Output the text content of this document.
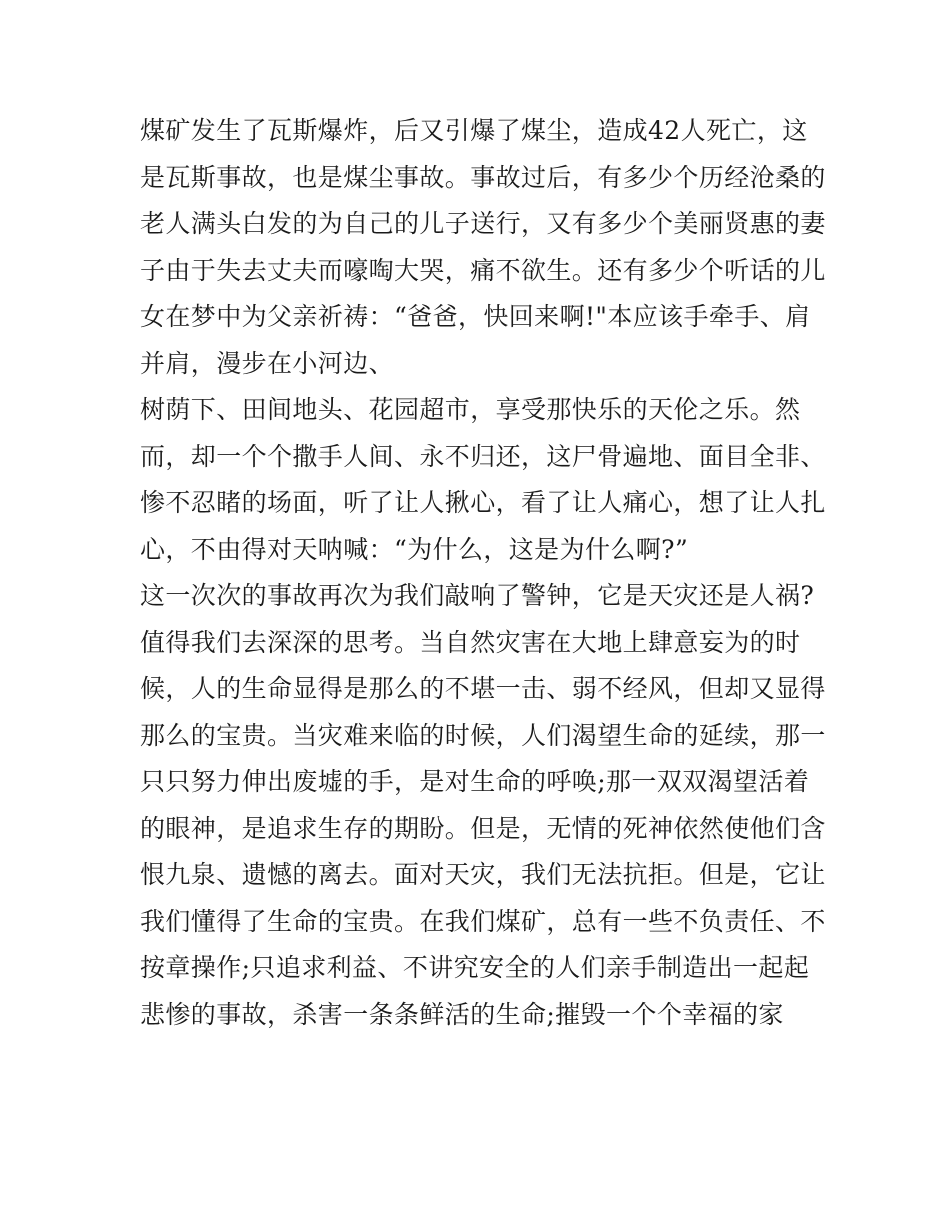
煤矿发生了瓦斯爆炸，后又引爆了煤尘，造成42人死亡，这
是瓦斯事故，也是煤尘事故。事故过后，有多少个历经沧桑的
老人满头白发的为自己的儿子送行，又有多少个美丽贤惠的妻
子由于失去丈夫而嚎啕大哭，痛不欲生。还有多少个听话的儿
女在梦中为父亲祈祷：“爸爸，快回来啊!"本应该手牵手、肩
并肩，漫步在小河边、
树荫下、田间地头、花园超市，享受那快乐的天伦之乐。然
而，却一个个撒手人间、永不归还，这尸骨遍地、面目全非、
惨不忍睹的场面，听了让人揪心，看了让人痛心，想了让人扎
心，不由得对天呐喊：“为什么，这是为什么啊?”
这一次次的事故再次为我们敲响了警钟，它是天灾还是人祸?
值得我们去深深的思考。当自然灾害在大地上肆意妄为的时
候，人的生命显得是那么的不堪一击、弱不经风，但却又显得
那么的宝贵。当灾难来临的时候，人们渴望生命的延续，那一
只只努力伸出废墟的手，是对生命的呼唤;那一双双渴望活着
的眼神，是追求生存的期盼。但是，无情的死神依然使他们含
恨九泉、遗憾的离去。面对天灾，我们无法抗拒。但是，它让
我们懂得了生命的宝贵。在我们煤矿，总有一些不负责任、不
按章操作;只追求利益、不讲究安全的人们亲手制造出一起起
悲惨的事故，杀害一条条鲜活的生命;摧毁一个个幸福的家
